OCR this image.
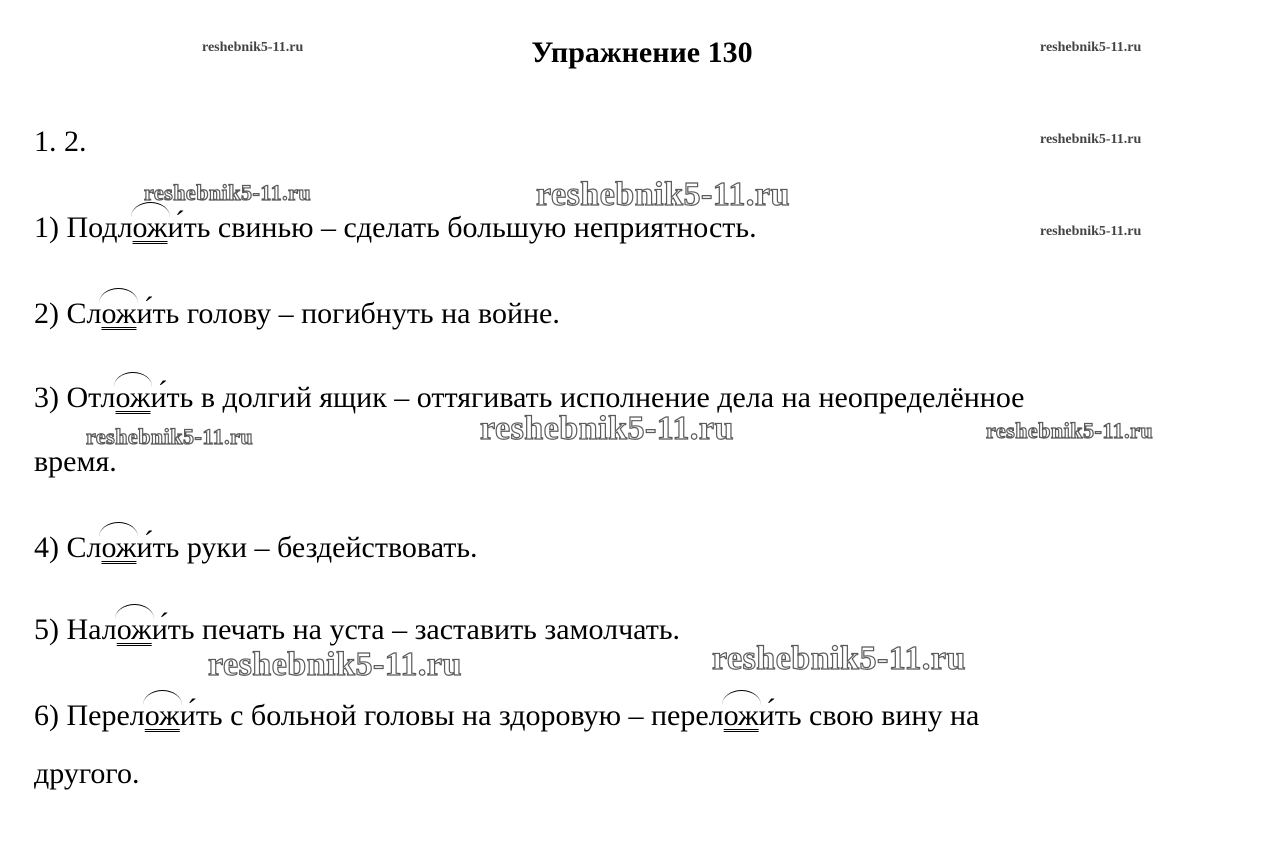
reshebnik5-11.ru	reshebnik5-11.ru
reshebnik5-11.ru
reshebnik5-11.ru
Упражнение 130
1. 2.
reshebnik5-11.ru	reshebnik5-11.ru
1) Подложи́ть свинью – сделать большую неприятность.
2) Сложи́ть голову – погибнуть на войне.
3) Отложи́ть в долгий ящик – оттягивать исполнение дела на неопределённое
reshebnik5-11.ru	reshebnik5-11.ru	reshebnik5-11.ru
время.
4) Сложи́ть руки – бездействовать.
5) Наложи́ть печать на уста – заставить замолчать.
reshebnik5-11.ru	reshebnik5-11.ru
6) Переложи́ть с больной головы на здоровую – переложи́ть свою вину на
другого.
